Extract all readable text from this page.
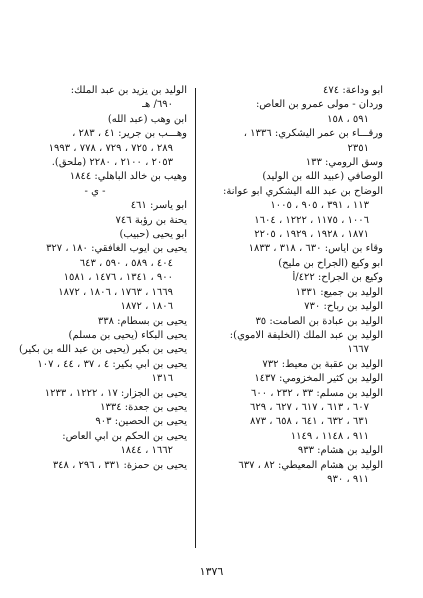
ابو وداعة: ٤٧٤
وردان - مولى عمرو بن العاص:
٥٩١ ، ١٥٨
ورقـــاء بن عمر اليشكري: ١٣٣٦ ،
٢٣٥١
وسق الرومي: ١٣٣
الوصافي (عبيد الله بن الوليد)
الوضاح بن عبد الله اليشكري ابو عوانة:
١١٣ ، ٣٩١ ، ٩٠٥ ، ١٠٠٥
١٠٠٦ ، ١١٧٥ ، ١٢٢٢ ، ١٦٠٤
١٨٧١ ، ١٩٢٨ ، ١٩٢٩ ، ٢٢٠٥
وقاء بن اياس: ٦٣٠ ، ٣١٨ ، ١٨٣٣
ابو وكيع (الجراح بن مليح)
وكيع بن الجراح: ٤٢٢/أ
الوليد بن جميع: ١٣٣١
الوليد بن رباح: ٧٣٠
الوليد بن عبادة بن الصامت: ٣٥
الوليد بن عبد الملك (الخليفة الاموي):
١٦٦٧
الوليد بن عقبة بن معيط: ٧٣٢
الوليد بن كثير المخزومي: ١٤٣٧
الوليد بن مسلم: ٣٣ ، ٢٣٢ ، ٦٠٠
٦٠٧ ، ٦١٣ ، ٦١٧ ، ٦٢٧ ، ٦٢٩
٦٣١ ، ٦٣٢ ، ٦٤١ ، ٦٥٨ ، ٨٧٣
٩١١ ، ١١٤٨ ، ١١٤٩
الوليد بن هشام: ٩٣٣
الوليد بن هشام المعيطي: ٨٢ ، ٦٣٧
٩١١ ، ٩٣٠
الوليد بن يزيد بن عبد الملك:
٦٩٠/ هـ
ابن وهب (عبد الله)
وهـــب بن جرير: ٤١ ، ٢٨٣ ،
٢٨٩ ، ٧٢٥ ، ٧٢٩ ، ٧٧٨ ، ١٩٩٣
٢٠٥٣ ، ٢١٠٠ ، ٢٢٨٠ (ملحق).
وهيب بن خالد الباهلي: ١٨٤٤
- ي -
ابو ياسر: ٤٦١
يحنة بن رؤبة ٧٤٦
ابو يحيى (حبيب)
يحيى بن ايوب الغافقي: ١٨٠ ، ٣٢٧
٤٠٤ ، ٥٨٩ ، ٥٩٠ ، ٦٤٣
٩٠٠ ، ١٣٤١ ، ١٤٧٦ ، ١٥٨١
١٦٦٩ ، ١٧٦٣ ، ١٨٠٦ ، ١٨٧٢
١٨٠٦ ، ١٨٧٢
يحيى بن بسطام: ٣٣٨
يحيى البكاء (يحيى بن مسلم)
يحيى بن بكير (يحيى بن عبد الله بن بكير)
يحيى بن ابي بكير: ٤ ، ٣٧ ، ٤٤ ، ١٠٧
١٣١٦
يحيى بن الجزار: ١٧ ، ١٢٢٢ ، ١٢٣٣
يحيى بن جعدة: ١٣٣٤
يحيى بن الحصين: ٩٠٣
يحيى بن الحكم بن ابي العاص:
١٦٦٢ ، ١٨٤٤
يحيى بن حمزة: ٣٣١ ، ٢٩٦ ، ٣٤٨
١٣٧٦
